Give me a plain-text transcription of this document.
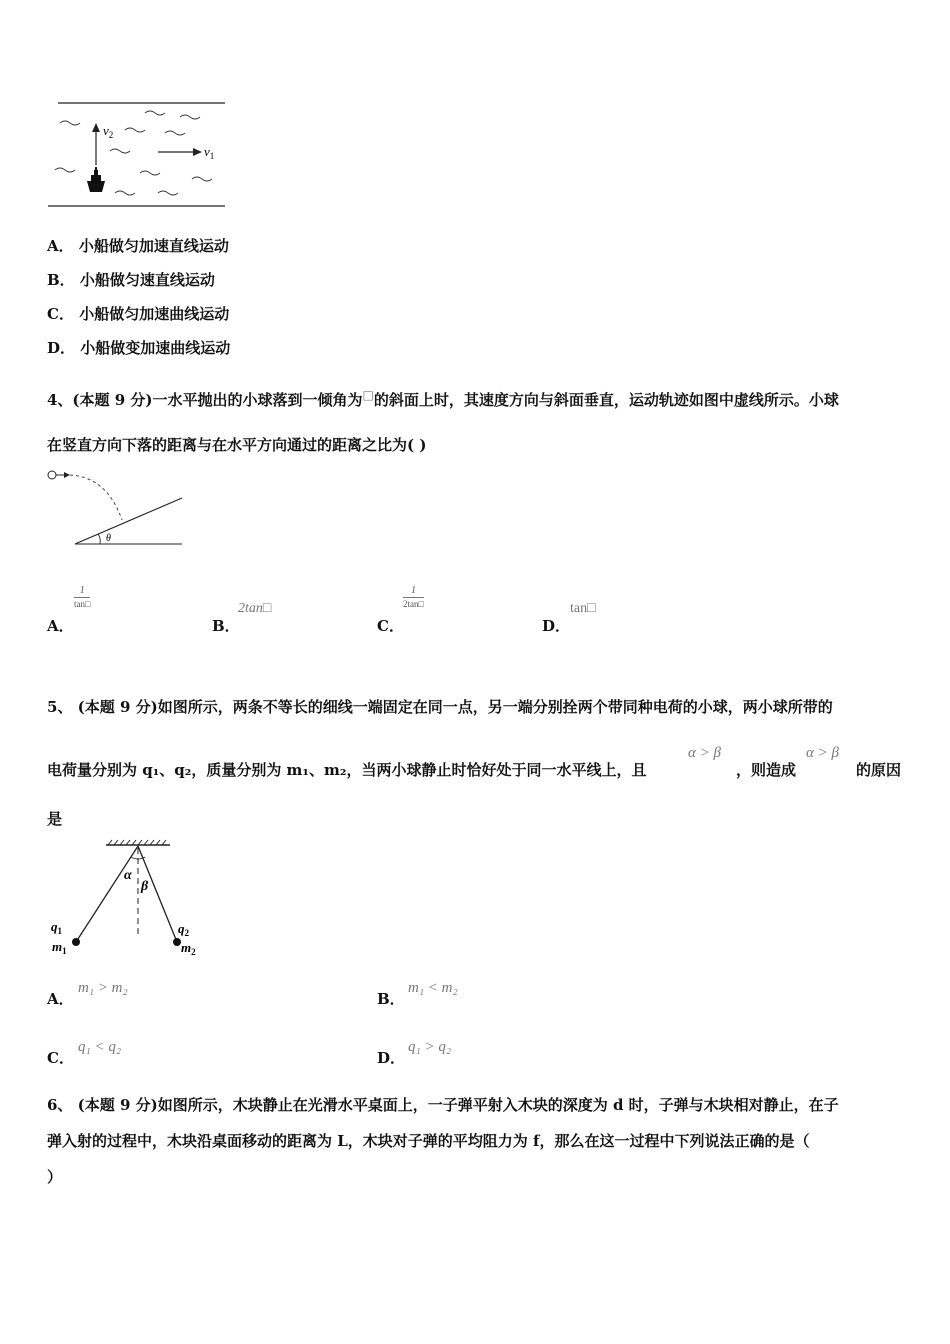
$v_2$
$v_1$
A． 小船做匀加速直线运动
B． 小船做匀速直线运动
C． 小船做匀加速曲线运动
D． 小船做变加速曲线运动
4、(本题 9 分)一水平抛出的小球落到一倾角为□的斜面上时，其速度方向与斜面垂直，运动轨迹如图中虚线所示。小球
在竖直方向下落的距离与在水平方向通过的距离之比为( )
θ
A．
$\frac{1}{\tan□}$
B．
2tan□
C．
$\frac{1}{2\tan□}$
D．
tan□
5、 (本题 9 分)如图所示，两条不等长的细线一端固定在同一点，另一端分别拴两个带同种电荷的小球，两小球所带的
电荷量分别为 q₁、q₂，质量分别为 m₁、m₂，当两小球静止时恰好处于同一水平线上，且
α > β
，则造成
α > β
的原因
是
α
β
$q_1$
$m_1$
$q_2$
$m_2$
A．
m₁ > m₂
B．
m₁ < m₂
C．
q₁ < q₂
D．
q₁ > q₂
6、 (本题 9 分)如图所示，木块静止在光滑水平桌面上，一子弹平射入木块的深度为 d 时，子弹与木块相对静止，在子
弹入射的过程中，木块沿桌面移动的距离为 L，木块对子弹的平均阻力为 f，那么在这一过程中下列说法正确的是（
）
